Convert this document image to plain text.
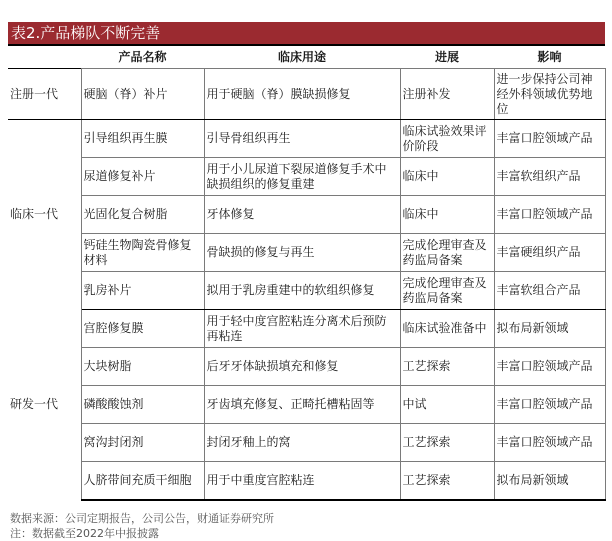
表2.产品梯队不断完善
	产品名称	临床用途	进展	影响
注册一代	硬脑（脊）补片	用于硬脑（脊）膜缺损修复	注册补发	进一步保持公司神经外科领域优势地位
临床一代	引导组织再生膜	引导骨组织再生	临床试验效果评价阶段	丰富口腔领域产品
	尿道修复补片	用于小儿尿道下裂尿道修复手术中缺损组织的修复重建	临床中	丰富软组织产品
	光固化复合树脂	牙体修复	临床中	丰富口腔领域产品
	钙硅生物陶瓷骨修复材料	骨缺损的修复与再生	完成伦理审查及药监局备案	丰富硬组织产品
	乳房补片	拟用于乳房重建中的软组织修复	完成伦理审查及药监局备案	丰富软组合产品
研发一代	宫腔修复膜	用于轻中度宫腔粘连分离术后预防再粘连	临床试验准备中	拟布局新领域
	大块树脂	后牙牙体缺损填充和修复	工艺探索	丰富口腔领域产品
	磷酸酸蚀剂	牙齿填充修复、正畸托槽粘固等	中试	丰富口腔领域产品
	窝沟封闭剂	封闭牙釉上的窝	工艺探索	丰富口腔领域产品
	人脐带间充质干细胞	用于中重度宫腔粘连	工艺探索	拟布局新领域
数据来源：公司定期报告，公司公告，财通证券研究所
注：数据截至2022年中报披露
